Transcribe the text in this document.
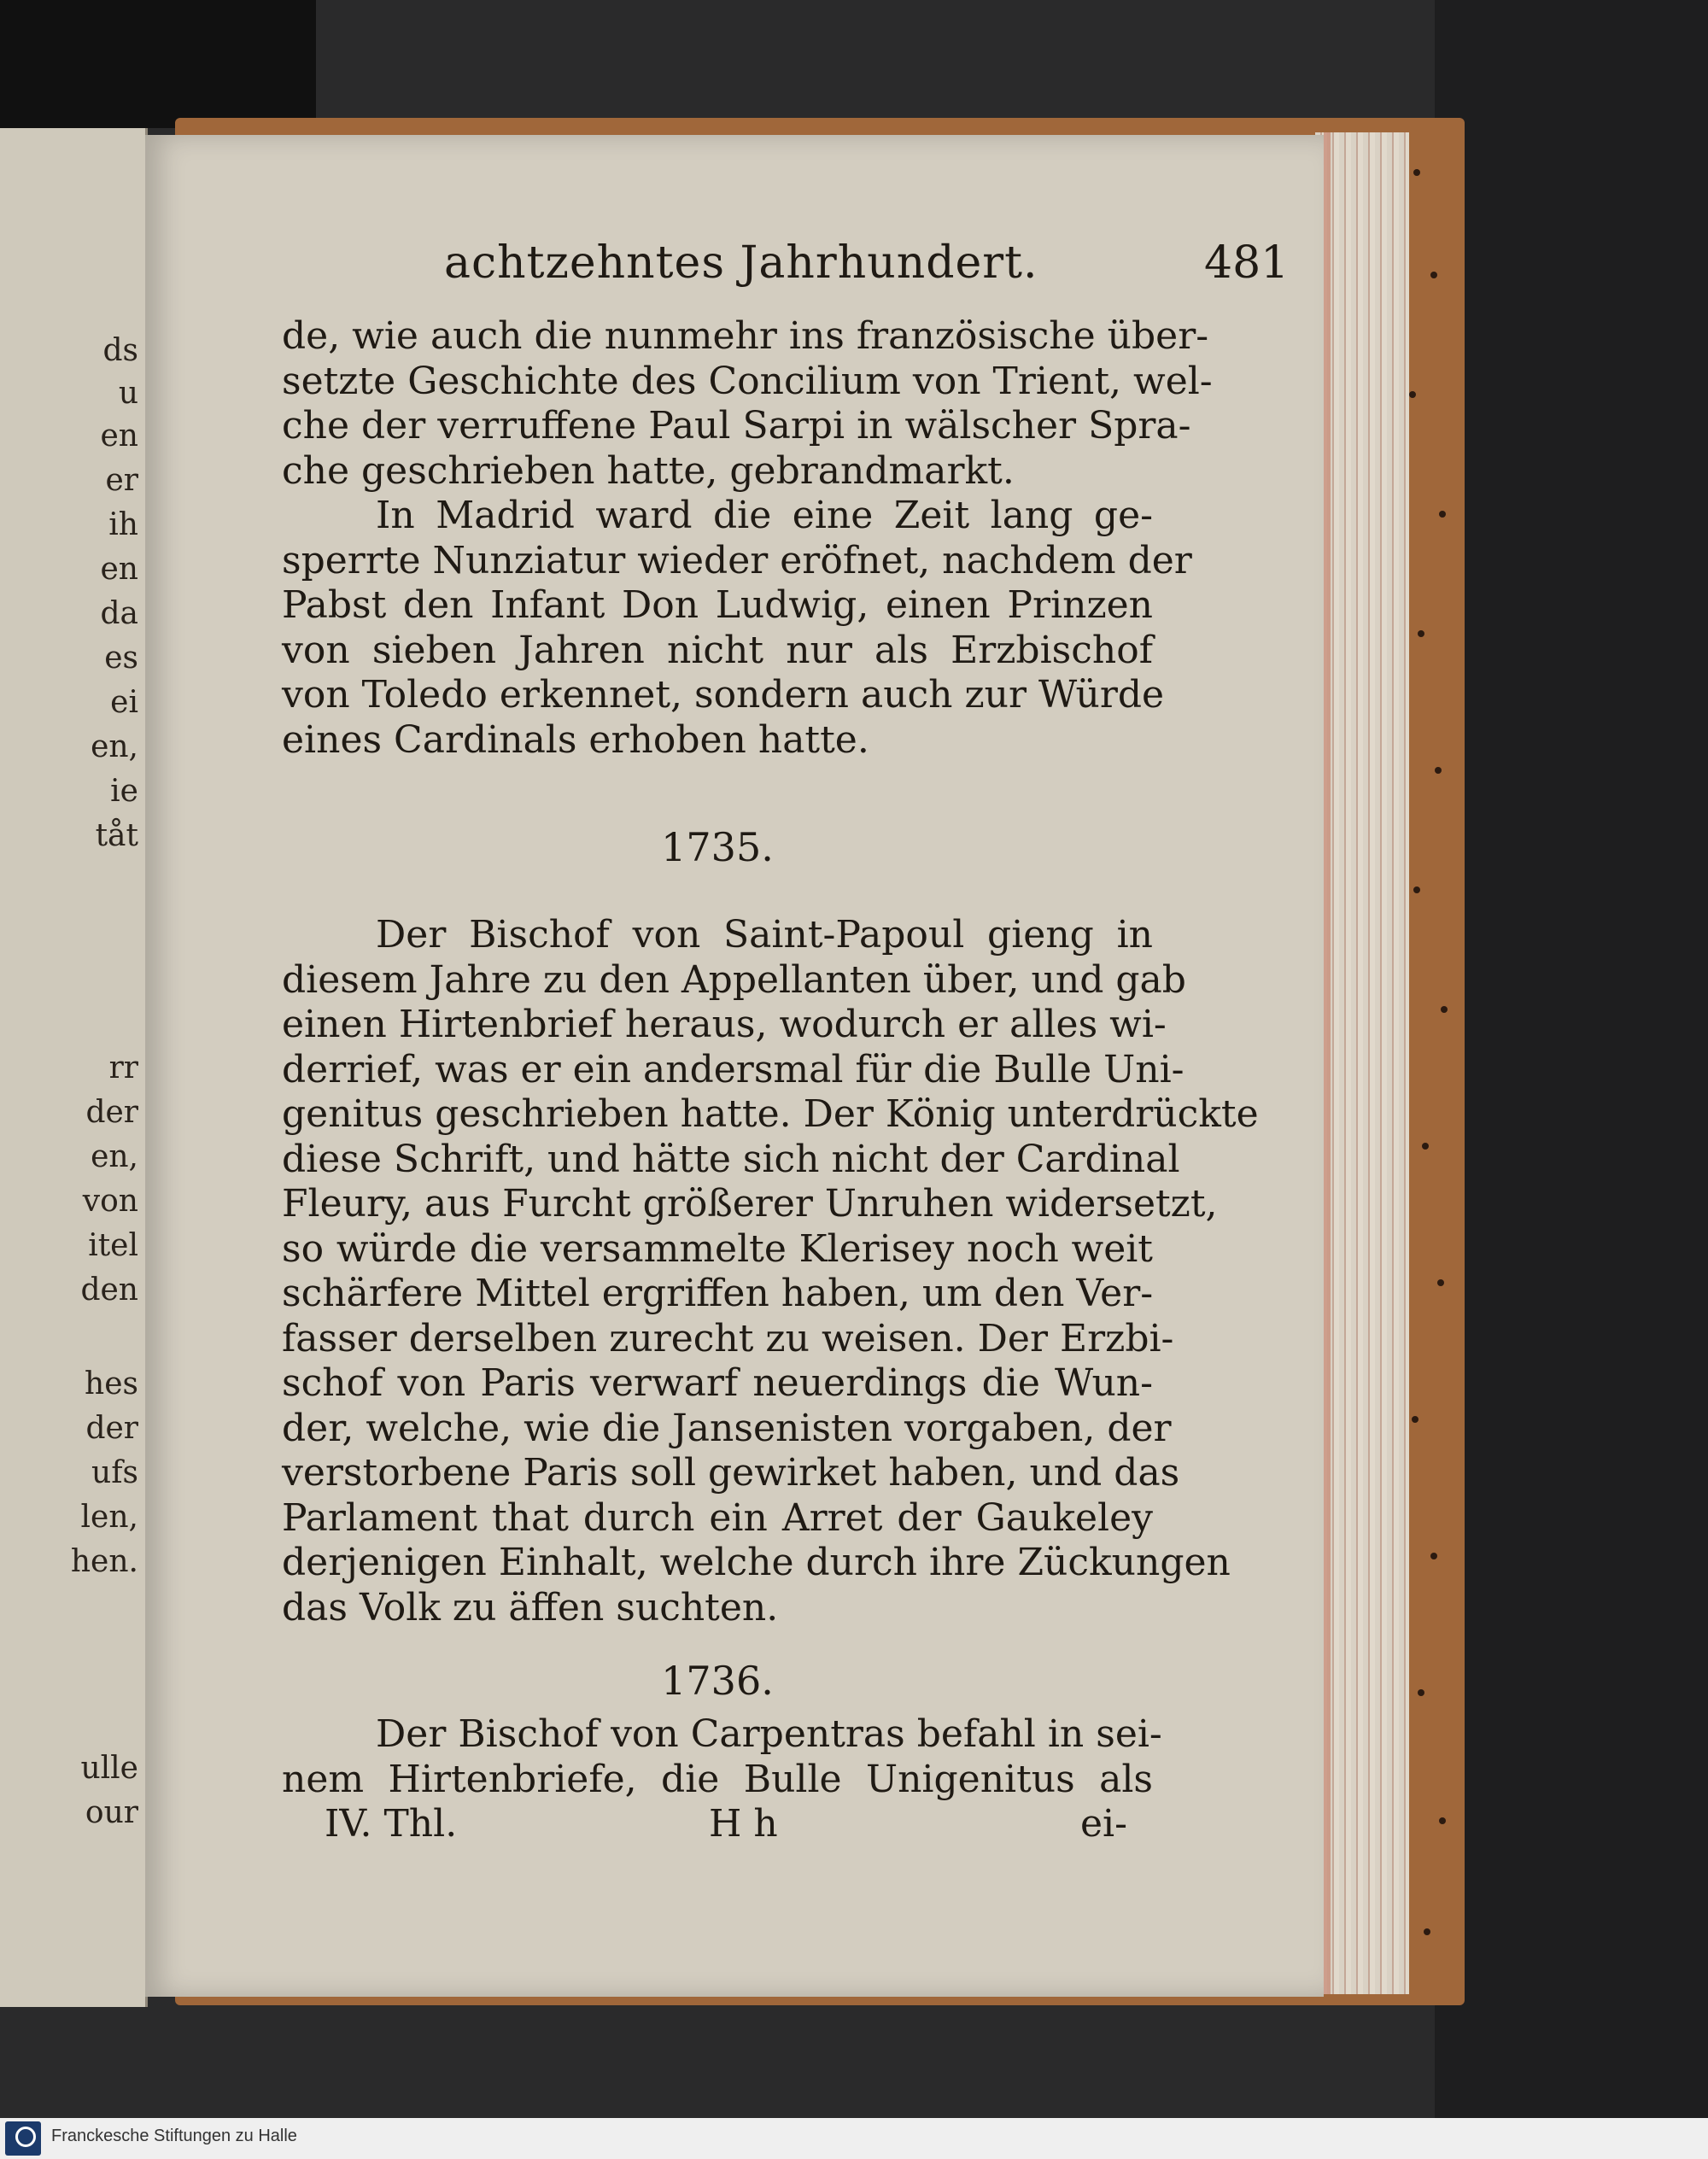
ds
u
en
er
ih
en
da
es
ei
en,
ie
tåt
rr
der
en,
von
itel
den
hes
der
ufs
len,
hen.
ulle
our
achtzehntes Jahrhundert.	481
de, wie auch die nunmehr ins französische über-
setzte Geschichte des Concilium von Trient, wel-
che der verruffene Paul Sarpi in wälscher Spra-
che geschrieben hatte, gebrandmarkt.
In Madrid ward die eine Zeit lang ge-
sperrte Nunziatur wieder eröfnet, nachdem der
Pabst den Infant Don Ludwig, einen Prinzen
von sieben Jahren nicht nur als Erzbischof
von Toledo erkennet, sondern auch zur Würde
eines Cardinals erhoben hatte.
1735.
Der Bischof von Saint-Papoul gieng in
diesem Jahre zu den Appellanten über, und gab
einen Hirtenbrief heraus, wodurch er alles wi-
derrief, was er ein andersmal für die Bulle Uni-
genitus geschrieben hatte. Der König unterdrückte
diese Schrift, und hätte sich nicht der Cardinal
Fleury, aus Furcht größerer Unruhen widersetzt,
so würde die versammelte Klerisey noch weit
schärfere Mittel ergriffen haben, um den Ver-
fasser derselben zurecht zu weisen. Der Erzbi-
schof von Paris verwarf neuerdings die Wun-
der, welche, wie die Jansenisten vorgaben, der
verstorbene Paris soll gewirket haben, und das
Parlament that durch ein Arret der Gaukeley
derjenigen Einhalt, welche durch ihre Zückungen
das Volk zu äffen suchten.
1736.
Der Bischof von Carpentras befahl in sei-
nem Hirtenbriefe, die Bulle Unigenitus als
IV. Thl.	H h	ei-
Franckesche Stiftungen zu Halle
